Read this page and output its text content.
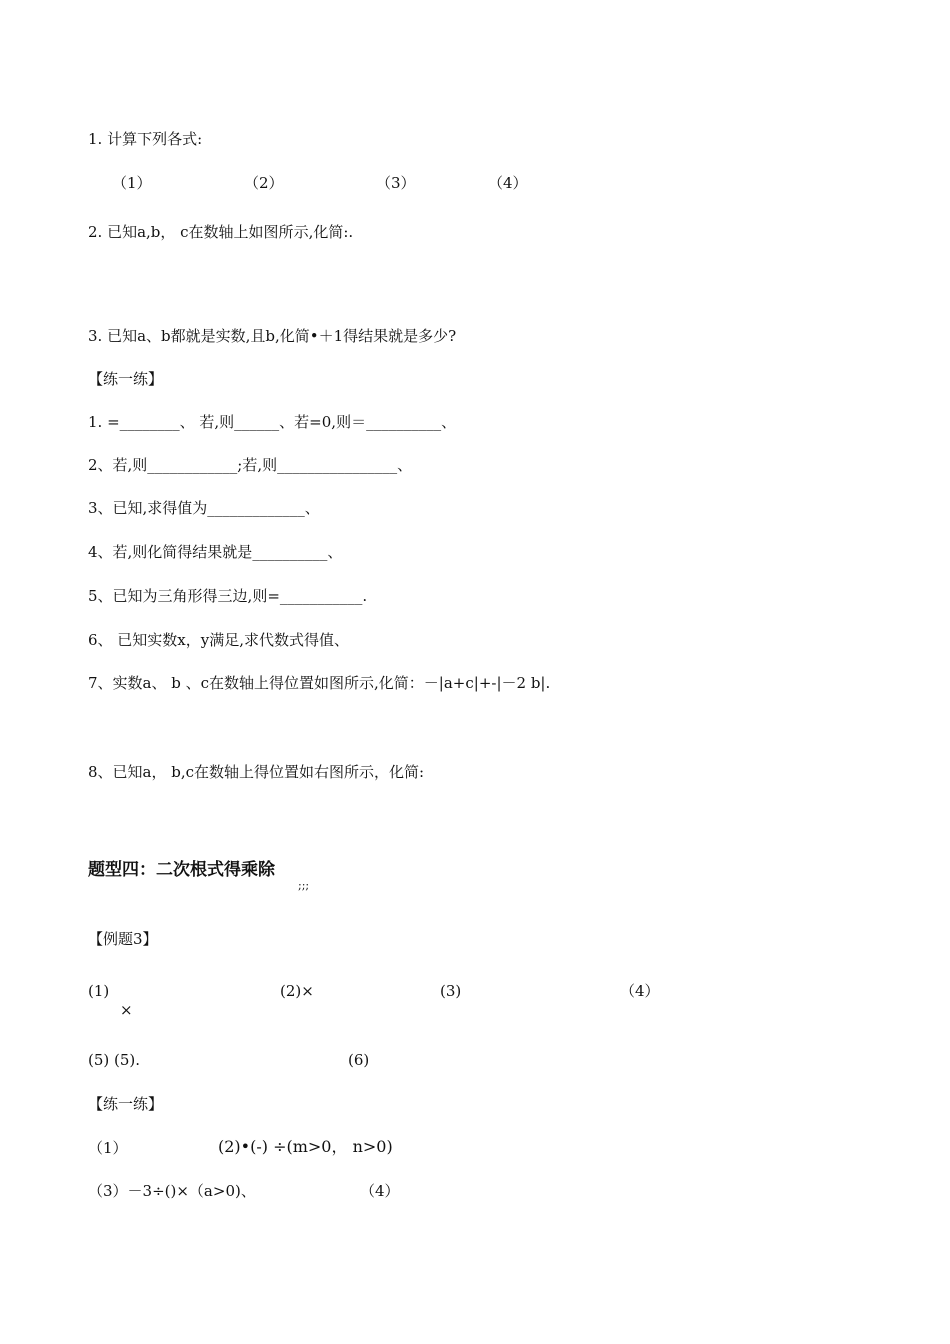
1. 计算下列各式:
（1）	（2）	（3）	（4）
2. 已知a,b， c在数轴上如图所示,化简:.
3. 已知a、b都就是实数,且b,化简•＋1得结果就是多少?
【练一练】
1. =________、 若,则______、若=0,则＝__________、
2、若,则____________;若,则________________、
3、已知,求得值为_____________、
4、若,则化简得结果就是__________、
5、已知为三角形得三边,则=___________.
6、 已知实数x，y满足,求代数式得值、
7、实数a、 b 、c在数轴上得位置如图所示,化简：－|a+c|+-|－2 b|.
8、已知a， b,c在数轴上得位置如右图所示，化简:
题型四：二次根式得乘除
;;;
【例题3】
(1)
×
(2)×	(3)	（4）
(5) (5).	(6)
【练一练】
（1）	(2)•(-) ÷(m>0， n>0)
（3）－3÷()×（a>0)、	（4）
